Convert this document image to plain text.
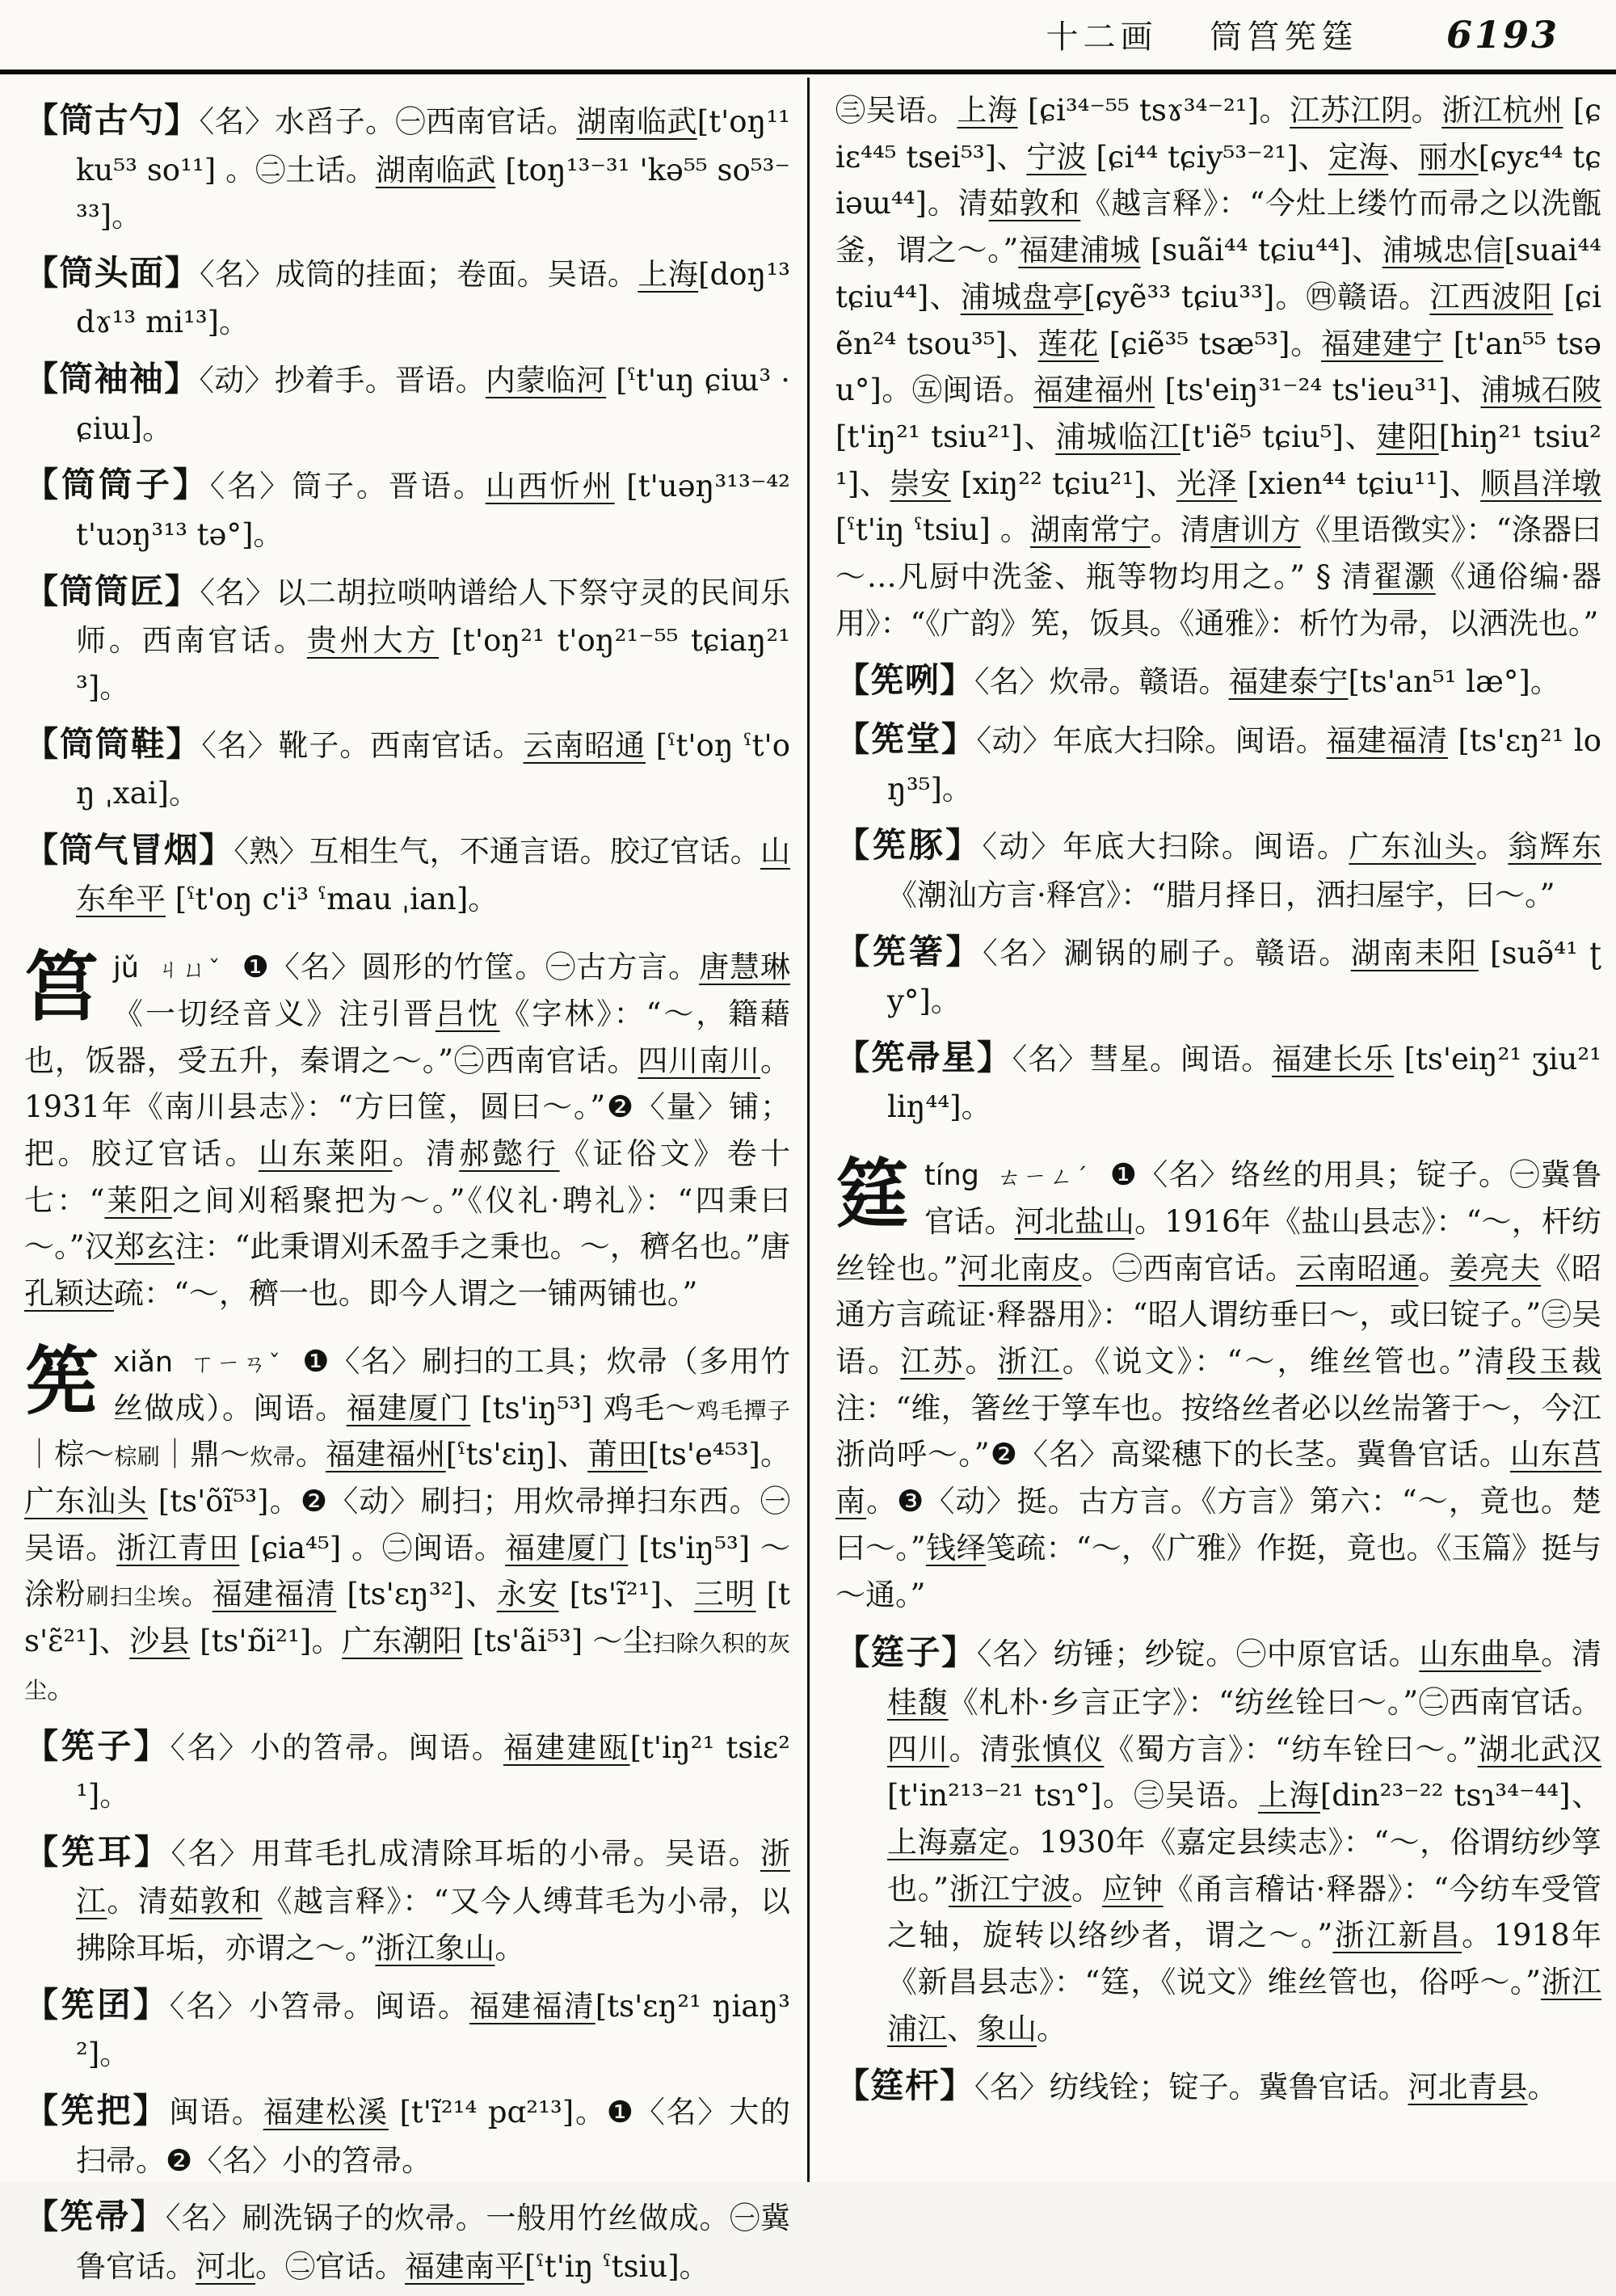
十二画 筒筥筅筳 6193
【筒古勺】〈名〉水舀子。㊀西南官话。湖南临武[t'oŋ¹¹ ku⁵³ so¹¹] 。㊁土话。湖南临武 [toŋ¹³⁻³¹ 'kə⁵⁵ so⁵³⁻³³]。
【筒头面】〈名〉成筒的挂面；卷面。吴语。上海[doŋ¹³ dɤ¹³ mi¹³]。
【筒袖袖】〈动〉抄着手。晋语。内蒙临河 [ˤt'uŋ ɕiɯ³ ·ɕiɯ]。
【筒筒子】〈名〉筒子。晋语。山西忻州 [t'uəŋ³¹³⁻⁴² t'uɔŋ³¹³ tə°]。
【筒筒匠】〈名〉以二胡拉唢呐谱给人下祭守灵的民间乐师。西南官话。贵州大方 [t'oŋ²¹ t'oŋ²¹⁻⁵⁵ tɕiaŋ²¹³]。
【筒筒鞋】〈名〉靴子。西南官话。云南昭通 [ˤt'oŋ ˤt'oŋ ˌxai]。
【筒气冒烟】〈熟〉互相生气，不通言语。胶辽官话。山东牟平 [ˤt'oŋ c'i³ ˤmau ˌian]。
筥jǔ ㄐㄩˇ ❶〈名〉圆形的竹筐。㊀古方言。唐慧琳《一切经音义》注引晋吕忱《字林》：“～，籍藉也，饭器，受五升，秦谓之～。”㊁西南官话。四川南川。1931年《南川县志》：“方曰筐，圆曰～。”❷〈量〉铺；把。胶辽官话。山东莱阳。清郝懿行《证俗文》卷十七：“莱阳之间刈稻聚把为～。”《仪礼·聘礼》：“四秉曰～。”汉郑玄注：“此秉谓刈禾盈手之秉也。～，穧名也。”唐孔颖达疏：“～，穧一也。即今人谓之一铺两铺也。”
筅xiǎn ㄒㄧㄢˇ ❶〈名〉刷扫的工具；炊帚（多用竹丝做成）。闽语。福建厦门 [ts'iŋ⁵³] 鸡毛～鸡毛撢子｜棕～棕刷｜鼎～炊帚。福建福州[ˤts'ɛiŋ]、莆田[ts'e⁴⁵³]。广东汕头 [ts'õĩ⁵³]。❷〈动〉刷扫；用炊帚掸扫东西。㊀吴语。浙江青田 [ɕia⁴⁵] 。㊁闽语。福建厦门 [ts'iŋ⁵³] ～涂粉刷扫尘埃。福建福清 [ts'ɛŋ³²]、永安 [ts'ĩ²¹]、三明 [ts'ɛ̃²¹]、沙县 [ts'ɒ̃i²¹]。广东潮阳 [ts'ãi⁵³] ～尘扫除久积的灰尘。
【筅子】〈名〉小的笤帚。闽语。福建建瓯[t'iŋ²¹ tsiɛ²¹]。
【筅耳】〈名〉用茸毛扎成清除耳垢的小帚。吴语。浙江。清茹敦和《越言释》：“又今人缚茸毛为小帚，以拂除耳垢，亦谓之～。”浙江象山。
【筅囝】〈名〉小笤帚。闽语。福建福清[ts'ɛŋ²¹ ŋiaŋ³²]。
【筅把】闽语。福建松溪 [t'ĩ²¹⁴ pɑ²¹³]。❶〈名〉大的扫帚。❷〈名〉小的笤帚。
【筅帚】〈名〉刷洗锅子的炊帚。一般用竹丝做成。㊀冀鲁官话。河北。㊁官话。福建南平[ˤt'iŋ ˤtsiu]。
㊂吴语。上海 [ɕi³⁴⁻⁵⁵ tsɤ³⁴⁻²¹]。江苏江阴。浙江杭州 [ɕiɛ⁴⁴⁵ tsei⁵³]、宁波 [ɕi⁴⁴ tɕiy⁵³⁻²¹]、定海、丽水[ɕyɛ⁴⁴ tɕiəɯ⁴⁴]。清茹敦和《越言释》：“今灶上缕竹而帚之以洗甑釜，谓之～。”福建浦城 [suãi⁴⁴ tɕiu⁴⁴]、浦城忠信[suai⁴⁴ tɕiu⁴⁴]、浦城盘亭[ɕyẽ³³ tɕiu³³]。㊃赣语。江西波阳 [ɕiẽn²⁴ tsou³⁵]、莲花 [ɕiẽ³⁵ tsæ⁵³]。福建建宁 [t'an⁵⁵ tsəu°]。㊄闽语。福建福州 [ts'eiŋ³¹⁻²⁴ ts'ieu³¹]、浦城石陂 [t'iŋ²¹ tsiu²¹]、浦城临江[t'iẽ⁵ tɕiu⁵]、建阳[hiŋ²¹ tsiu²¹]、崇安 [xiŋ²² tɕiu²¹]、光泽 [xien⁴⁴ tɕiu¹¹]、顺昌洋墩 [ˤt'iŋ ˤtsiu] 。湖南常宁。清唐训方《里语徴实》：“涤器曰～…凡厨中洗釜、瓶等物均用之。” § 清翟灏《通俗编·器用》：“《广韵》筅，饭具。《通雅》：析竹为帚，以洒洗也。”
【筅咧】〈名〉炊帚。赣语。福建泰宁[ts'an⁵¹ læ°]。
【筅堂】〈动〉年底大扫除。闽语。福建福清 [ts'ɛŋ²¹ loŋ³⁵]。
【筅豚】〈动〉年底大扫除。闽语。广东汕头。翁辉东《潮汕方言·释宫》：“腊月择日，洒扫屋宇，曰～。”
【筅箸】〈名〉涮锅的刷子。赣语。湖南耒阳 [suə̃⁴¹ ʈy°]。
【筅帚星】〈名〉彗星。闽语。福建长乐 [ts'eiŋ²¹ ʒiu²¹ liŋ⁴⁴]。
筳tíng ㄊㄧㄥˊ ❶〈名〉络丝的用具；锭子。㊀冀鲁官话。河北盐山。1916年《盐山县志》：“～，杆纺丝铨也。”河北南皮。㊁西南官话。云南昭通。姜亮夫《昭通方言疏证·释器用》：“昭人谓纺垂曰～，或曰锭子。”㊂吴语。江苏。浙江。《说文》：“～，维丝管也。”清段玉裁注：“维，箸丝于筟车也。按络丝者必以丝耑箸于～，今江浙尚呼～。”❷〈名〉高粱穗下的长茎。冀鲁官话。山东莒南。❸〈动〉挺。古方言。《方言》第六：“～，竟也。楚曰～。”钱绎笺疏：“～，《广雅》作挺，竟也。《玉篇》挺与～通。”
【筳子】〈名〉纺锤；纱锭。㊀中原官话。山东曲阜。清桂馥《札朴·乡言正字》：“纺丝铨曰～。”㊁西南官话。四川。清张慎仪《蜀方言》：“纺车铨曰～。”湖北武汉[t'in²¹³⁻²¹ tsɿ°]。㊂吴语。上海[din²³⁻²² tsɿ³⁴⁻⁴⁴]、上海嘉定。1930年《嘉定县续志》：“～，俗谓纺纱筟也。”浙江宁波。应钟《甬言稽诂·释器》：“今纺车受管之轴，旋转以络纱者，谓之～。”浙江新昌。1918年《新昌县志》：“筳，《说文》维丝管也，俗呼～。”浙江浦江、象山。
【筳杆】〈名〉纺线铨；锭子。冀鲁官话。河北青县。
